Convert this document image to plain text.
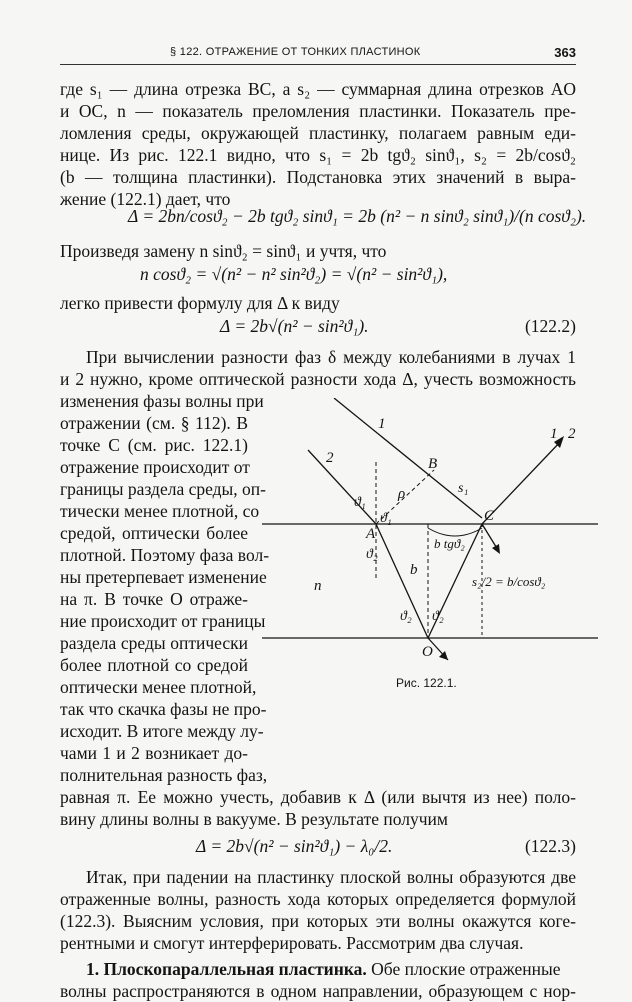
§ 122. ОТРАЖЕНИЕ ОТ ТОНКИХ ПЛАСТИНОК	363
где s₁ — длина отрезка BC, а s₂ — суммарная длина отрезков AO
и OC, n — показатель преломления пластинки. Показатель пре-
ломления среды, окружающей пластинку, полагаем равным еди-
нице. Из рис. 122.1 видно, что s₁ = 2b tgϑ₂ sinϑ₁, s₂ = 2b/cosϑ₂
(b — толщина пластинки). Подстановка этих значений в выра-
жение (122.1) дает, что
Δ = 2bn/cosϑ₂ − 2b tgϑ₂ sinϑ₁ = 2b (n² − n sinϑ₂ sinϑ₁)/(n cosϑ₂).
Произведя замену n sinϑ₂ = sinϑ₁ и учтя, что
n cosϑ₂ = √(n² − n² sin²ϑ₂) = √(n² − sin²ϑ₁),
легко привести формулу для Δ к виду
Δ = 2b√(n² − sin²ϑ₁).	(122.2)
При вычислении разности фаз δ между колебаниями в лучах 1
и 2 нужно, кроме оптической разности хода Δ, учесть возможность
изменения фазы волны при
отражении (см. § 112). В
точке C (см. рис. 122.1)
отражение происходит от
границы раздела среды, оп-
тически менее плотной, со
средой, оптически более
плотной. Поэтому фаза вол-
ны претерпевает изменение
на π. В точке O отраже-
ние происходит от границы
раздела среды оптически
более плотной со средой
оптически менее плотной,
так что скачка фазы не про-
исходит. В итоге между лу-
чами 1 и 2 возникает до-
полнительная разность фаз,
равная π. Ее можно учесть, добавив к Δ (или вычтя из нее) поло-
вину длины волны в вакууме. В результате получим
Δ = 2b√(n² − sin²ϑ₁) − λ₀/2.	(122.3)
Итак, при падении на пластинку плоской волны образуются две
отраженные волны, разность хода которых определяется формулой
(122.3). Выясним условия, при которых эти волны окажутся коге-
рентными и смогут интерферировать. Рассмотрим два случая.
1. Плоскопараллельная пластинка. Обе плоские отраженные
волны распространяются в одном направлении, образующем с нор-
1
2
1 2
B
A
C
O
n
b
ρ	s₁
b tgϑ₂
ϑ₁
ϑ₁
ϑ₂
ϑ₂ ϑ₂
s₂/2 = b/cosϑ₂
Рис. 122.1.
